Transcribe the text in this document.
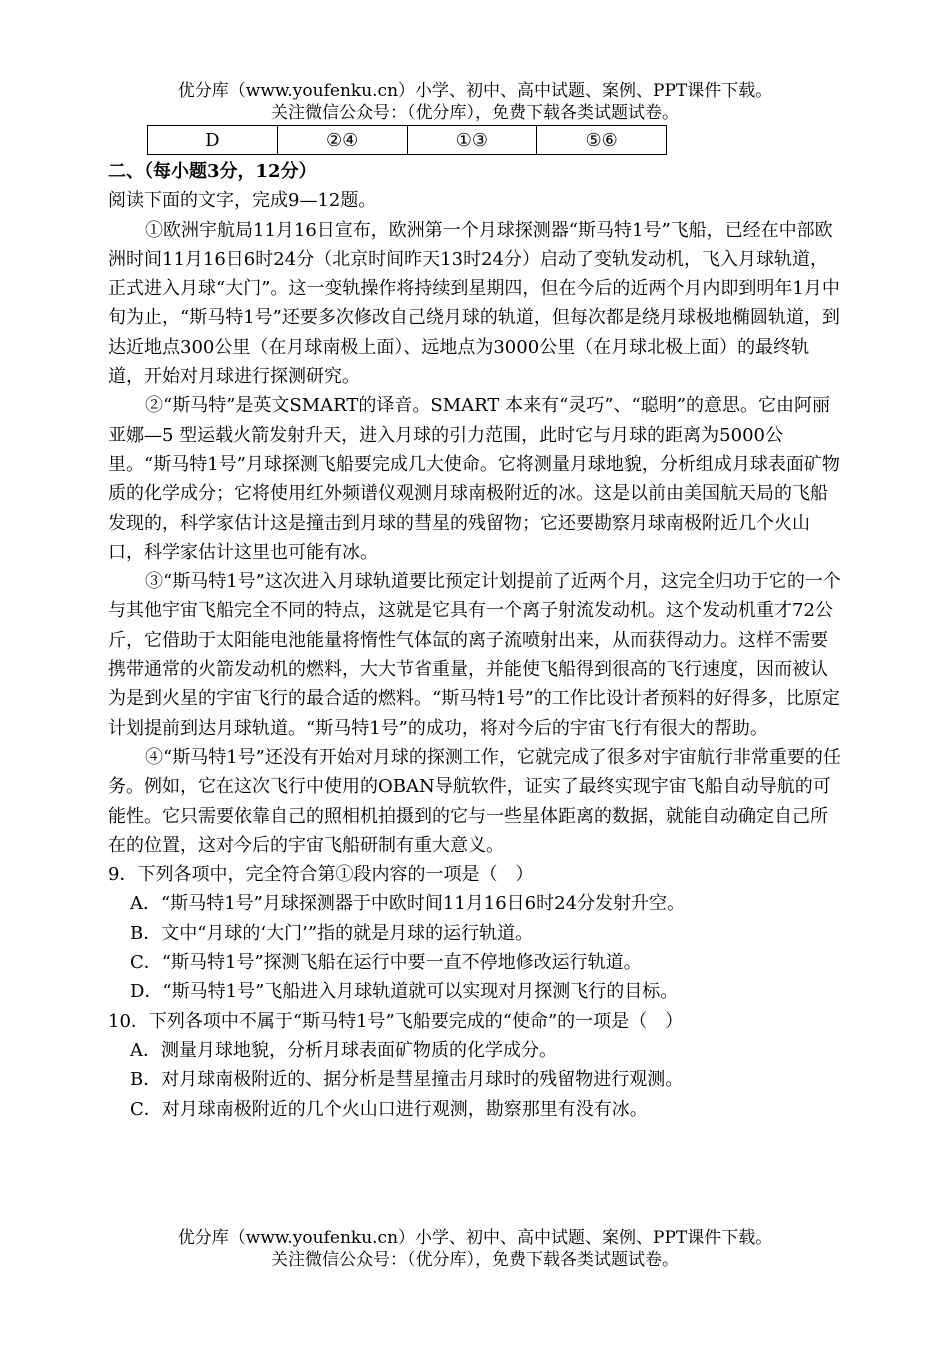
优分库（www.youfenku.cn）小学、初中、高中试题、案例、PPT课件下载。
关注微信公众号：（优分库），免费下载各类试题试卷。
D	②④	①③	⑤⑥

二、（每小题3分，12分）

阅读下面的文字，完成9—12题。

①欧洲宇航局11月16日宣布，欧洲第一个月球探测器“斯马特1号”飞船，已经在中部欧洲时间11月16日6时24分（北京时间昨天13时24分）启动了变轨发动机，飞入月球轨道，正式进入月球“大门”。这一变轨操作将持续到星期四，但在今后的近两个月内即到明年1月中旬为止，“斯马特1号”还要多次修改自己绕月球的轨道，但每次都是绕月球极地椭圆轨道，到达近地点300公里（在月球南极上面）、远地点为3000公里（在月球北极上面）的最终轨道，开始对月球进行探测研究。

②“斯马特”是英文SMART的译音。SMART 本来有“灵巧”、“聪明”的意思。它由阿丽亚娜—5 型运载火箭发射升天，进入月球的引力范围，此时它与月球的距离为5000公里。“斯马特1号”月球探测飞船要完成几大使命。它将测量月球地貌，分析组成月球表面矿物质的化学成分；它将使用红外频谱仪观测月球南极附近的冰。这是以前由美国航天局的飞船发现的，科学家估计这是撞击到月球的彗星的残留物；它还要勘察月球南极附近几个火山口，科学家估计这里也可能有冰。

③“斯马特1号”这次进入月球轨道要比预定计划提前了近两个月，这完全归功于它的一个与其他宇宙飞船完全不同的特点，这就是它具有一个离子射流发动机。这个发动机重才72公斤，它借助于太阳能电池能量将惰性气体氙的离子流喷射出来，从而获得动力。这样不需要携带通常的火箭发动机的燃料，大大节省重量，并能使飞船得到很高的飞行速度，因而被认为是到火星的宇宙飞行的最合适的燃料。“斯马特1号”的工作比设计者预料的好得多，比原定计划提前到达月球轨道。“斯马特1号”的成功，将对今后的宇宙飞行有很大的帮助。

④“斯马特1号”还没有开始对月球的探测工作，它就完成了很多对宇宙航行非常重要的任务。例如，它在这次飞行中使用的OBAN导航软件，证实了最终实现宇宙飞船自动导航的可能性。它只需要依靠自己的照相机拍摄到的它与一些星体距离的数据，就能自动确定自己所在的位置，这对今后的宇宙飞船研制有重大意义。

9．下列各项中，完全符合第①段内容的一项是（　）

A．“斯马特1号”月球探测器于中欧时间11月16日6时24分发射升空。

B．文中“月球的‘大门’”指的就是月球的运行轨道。

C．“斯马特1号”探测飞船在运行中要一直不停地修改运行轨道。

D．“斯马特1号”飞船进入月球轨道就可以实现对月探测飞行的目标。

10．下列各项中不属于“斯马特1号”飞船要完成的“使命”的一项是（　）

A．测量月球地貌，分析月球表面矿物质的化学成分。

B．对月球南极附近的、据分析是彗星撞击月球时的残留物进行观测。

C．对月球南极附近的几个火山口进行观测，勘察那里有没有冰。

优分库（www.youfenku.cn）小学、初中、高中试题、案例、PPT课件下载。
关注微信公众号：（优分库），免费下载各类试题试卷。
